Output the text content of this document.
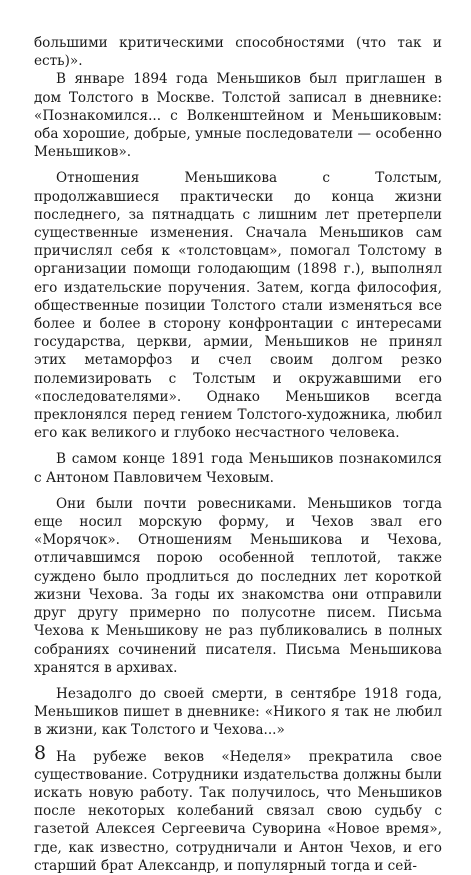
большими критическими способностями (что так и есть)».

В январе 1894 года Меньшиков был приглашен в дом Толстого в Москве. Толстой записал в дневнике: «Познакомился... с Волкенштейном и Меньшиковым: оба хорошие, добрые, умные последователи — особенно Меньшиков».

Отношения Меньшикова с Толстым, продолжавшиеся практически до конца жизни последнего, за пятнадцать с лишним лет претерпели существенные изменения. Сначала Меньшиков сам причислял себя к «толстовцам», помогал Толстому в организации помощи голодающим (1898 г.), выполнял его издательские поручения. Затем, когда философия, общественные позиции Толстого стали изменяться все более и более в сторону конфронтации с интересами государства, церкви, армии, Меньшиков не принял этих метаморфоз и счел своим долгом резко полемизировать с Толстым и окружавшими его «последователями». Однако Меньшиков всегда преклонялся перед гением Толстого-художника, любил его как великого и глубоко несчастного человека.

В самом конце 1891 года Меньшиков познакомился с Антоном Павловичем Чеховым.

Они были почти ровесниками. Меньшиков тогда еще носил морскую форму, и Чехов звал его «Морячок». Отношениям Меньшикова и Чехова, отличавшимся порою особенной теплотой, также суждено было продлиться до последних лет короткой жизни Чехова. За годы их знакомства они отправили друг другу примерно по полусотне писем. Письма Чехова к Меньшикову не раз публиковались в полных собраниях сочинений писателя. Письма Меньшикова хранятся в архивах.

Незадолго до своей смерти, в сентябре 1918 года, Меньшиков пишет в дневнике: «Никого я так не любил в жизни, как Толстого и Чехова...»

На рубеже веков «Неделя» прекратила свое существование. Сотрудники издательства должны были искать новую работу. Так получилось, что Меньшиков после некоторых колебаний связал свою судьбу с газетой Алексея Сергеевича Суворина «Новое время», где, как известно, сотрудничали и Антон Чехов, и его старший брат Александр, и популярный тогда и сей-

8
